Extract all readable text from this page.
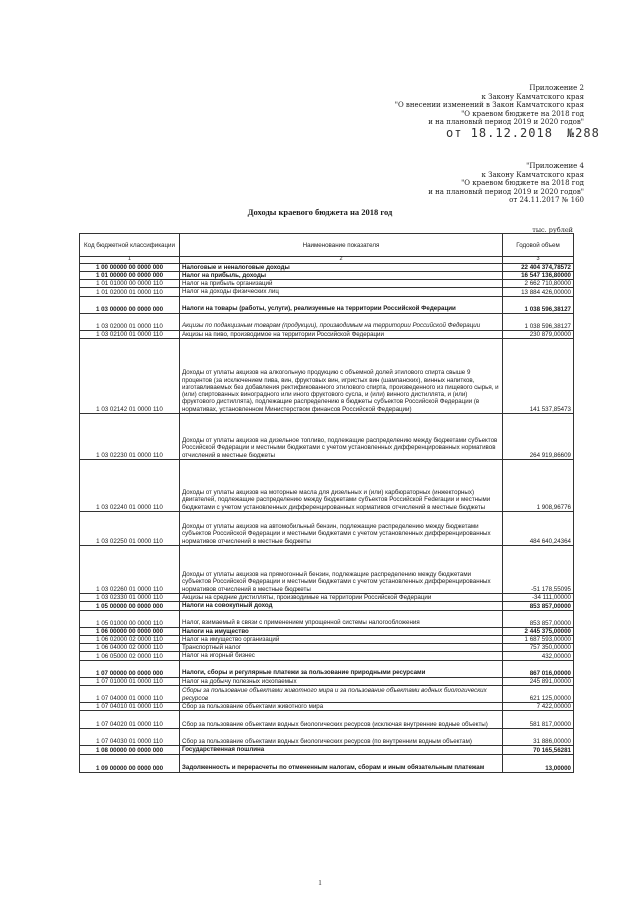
Приложение 2
к Закону Камчатского края
"О внесении изменений в Закон Камчатского края
"О краевом бюджете на 2018 год
и на плановый период 2019 и 2020 годов"
от 18.12.2018 №288
"Приложение 4
к Закону Камчатского края
"О краевом бюджете на 2018 год
и на плановый период 2019 и 2020 годов"
от 24.11.2017 № 160
Доходы краевого бюджета на 2018 год
тыс. рублей
Код бюджетной классификации	Наименование показателя	Годовой объем
1	2	3
1 00 00000 00 0000 000	Налоговые и неналоговые доходы	22 404 374,78572
1 01 00000 00 0000 000	Налог на прибыль, доходы	16 547 136,80000
1 01 01000 00 0000 110	Налог на прибыль организаций	2 662 710,80000
1 01 02000 01 0000 110	Налог на доходы физических лиц	13 884 426,00000
1 03 00000 00 0000 000	Налоги на товары (работы, услуги), реализуемые на территории Российской Федерации	1 038 596,38127
1 03 02000 01 0000 110	Акцизы по подакцизным товарам (продукции), производимым на территории Российской Федерации	1 038 596,38127
1 03 02100 01 0000 110	Акцизы на пиво, производимое на территории Российской Федерации	230 879,00000
1 03 02142 01 0000 110	Доходы от уплаты акцизов на алкогольную продукцию с объемной долей этилового спирта свыше 9 процентов (за исключением пива, вин, фруктовых вин, игристых вин (шампанских), винных напитков, изготавливаемых без добавления ректификованного этилового спирта, произведенного из пищевого сырья, и (или) спиртованных виноградного или иного фруктового сусла, и (или) винного дистиллята, и (или) фруктового дистиллята), подлежащие распределению в бюджеты субъектов Российской Федерации (в нормативах, установленном Министерством финансов Российской Федерации)	141 537,85473
1 03 02230 01 0000 110	Доходы от уплаты акцизов на дизельное топливо, подлежащие распределению между бюджетами субъектов Российской Федерации и местными бюджетами с учетом установленных дифференцированных нормативов отчислений в местные бюджеты	264 919,86609
1 03 02240 01 0000 110	Доходы от уплаты акцизов на моторные масла для дизельных и (или) карбюраторных (инжекторных) двигателей, подлежащие распределению между бюджетами субъектов Российской Federации и местными бюджетами с учетом установленных дифференцированных нормативов отчислений в местные бюджеты	1 908,96776
1 03 02250 01 0000 110	Доходы от уплаты акцизов на автомобильный бензин, подлежащие распределению между бюджетами субъектов Российской Федерации и местными бюджетами с учетом установленных дифференцированных нормативов отчислений в местные бюджеты	484 640,24364
1 03 02260 01 0000 110	Доходы от уплаты акцизов на прямогонный бензин, подлежащие распределению между бюджетами субъектов Российской Федерации и местными бюджетами с учетом установленных дифференцированных нормативов отчислений в местные бюджеты	-51 178,55095
1 03 02330 01 0000 110	Акцизы на средние дистилляты, производимые на территории Российской Федерации	-34 111,00000
1 05 00000 00 0000 000	Налоги на совокупный доход	853 857,00000
1 05 01000 00 0000 110	Налог, взимаемый в связи с применением упрощенной системы налогообложения	853 857,00000
1 06 00000 00 0000 000	Налоги на имущество	2 445 375,00000
1 06 02000 02 0000 110	Налог на имущество организаций	1 687 593,00000
1 06 04000 02 0000 110	Транспортный налог	757 350,00000
1 06 05000 02 0000 110	Налог на игорный бизнес	432,00000
1 07 00000 00 0000 000	Налоги, сборы и регулярные платежи за пользование природными ресурсами	867 016,00000
1 07 01000 01 0000 110	Налог на добычу полезных ископаемых	245 891,00000
1 07 04000 01 0000 110	Сборы за пользование объектами животного мира и за пользование объектами водных биологических ресурсов	621 125,00000
1 07 04010 01 0000 110	Сбор за пользование объектами животного мира	7 422,00000
1 07 04020 01 0000 110	Сбор за пользование объектами водных биологических ресурсов (исключая внутренние водные объекты)	581 817,00000
1 07 04030 01 0000 110	Сбор за пользование объектами водных биологических ресурсов (по внутренним водным объектам)	31 886,00000
1 08 00000 00 0000 000	Государственная пошлина	70 165,56281
1 09 00000 00 0000 000	Задолженность и перерасчеты по отмененным налогам, сборам и иным обязательным платежам	13,00000
1
